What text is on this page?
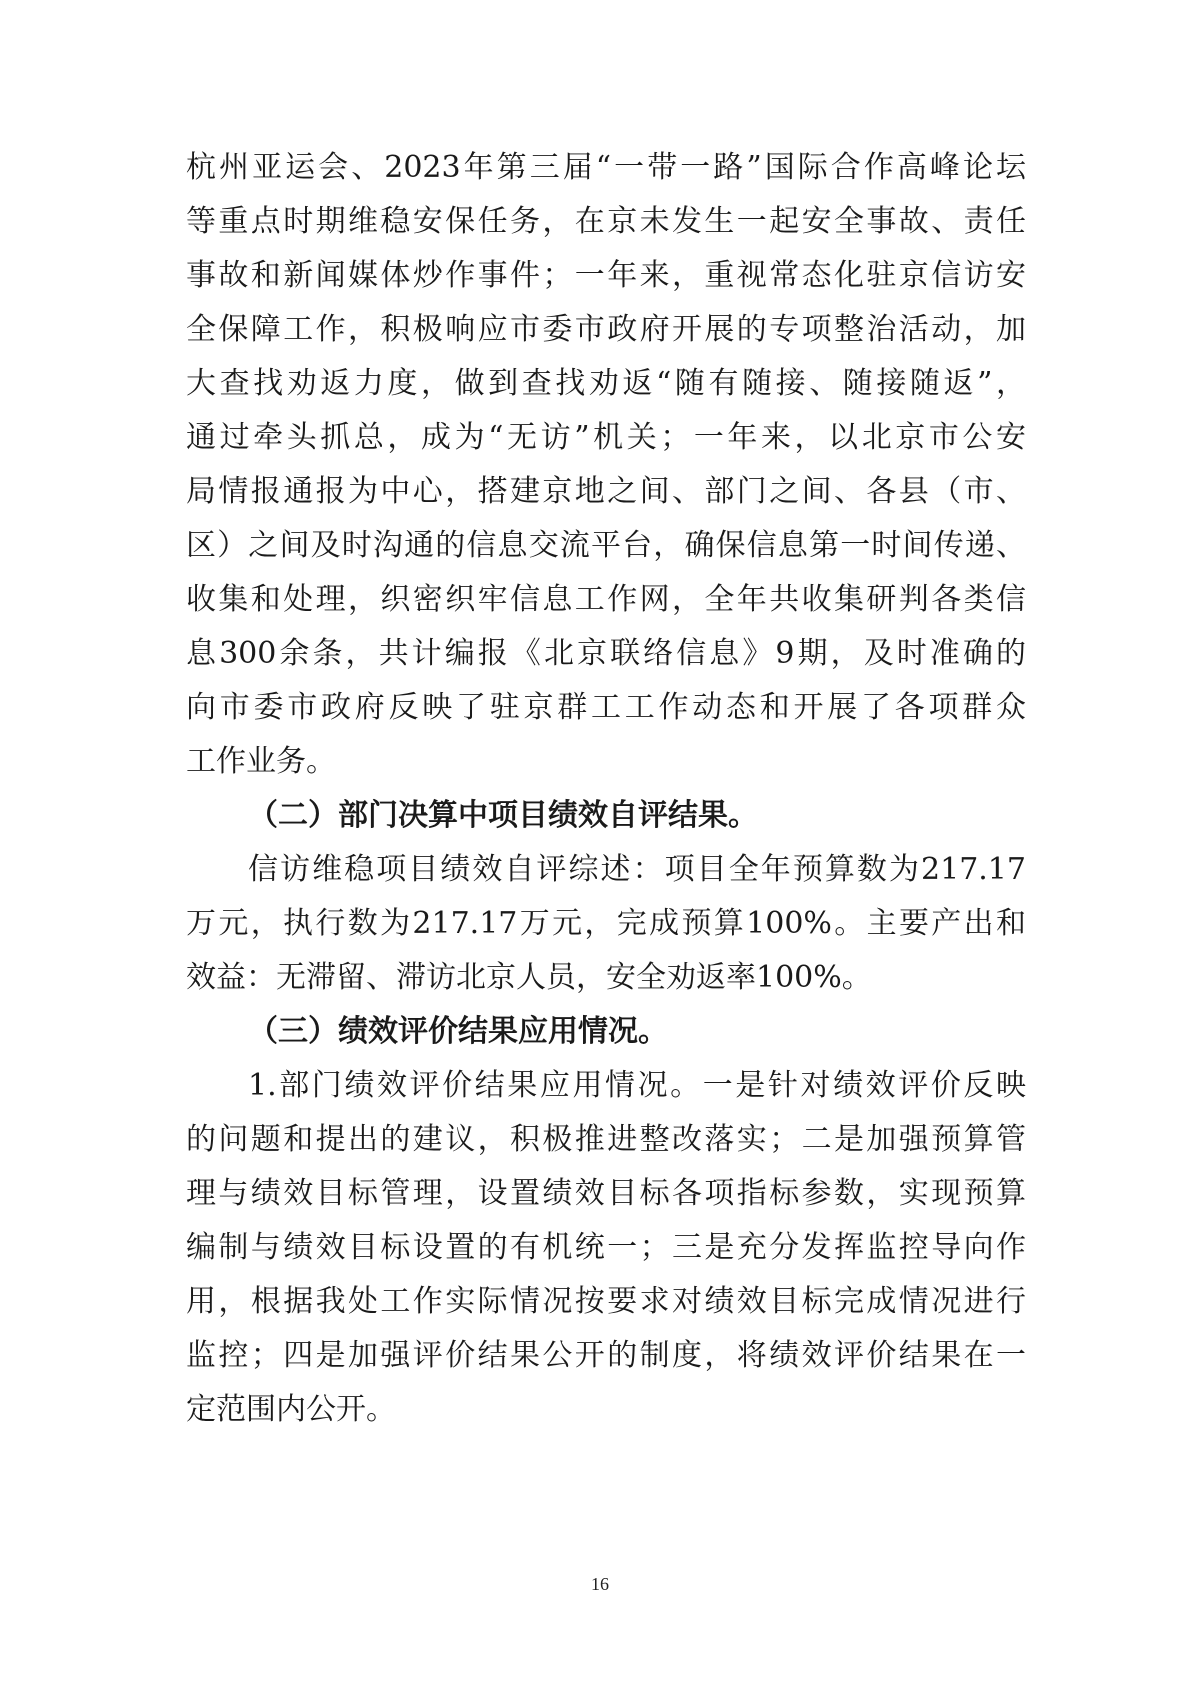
杭州亚运会、2023年第三届“一带一路”国际合作高峰论坛
等重点时期维稳安保任务，在京未发生一起安全事故、责任
事故和新闻媒体炒作事件；一年来，重视常态化驻京信访安
全保障工作，积极响应市委市政府开展的专项整治活动，加
大查找劝返力度，做到查找劝返“随有随接、随接随返”，
通过牵头抓总，成为“无访”机关；一年来，以北京市公安
局情报通报为中心，搭建京地之间、部门之间、各县（市、
区）之间及时沟通的信息交流平台，确保信息第一时间传递、
收集和处理，织密织牢信息工作网，全年共收集研判各类信
息300余条，共计编报《北京联络信息》9期，及时准确的
向市委市政府反映了驻京群工工作动态和开展了各项群众
工作业务。
（二）部门决算中项目绩效自评结果。
信访维稳项目绩效自评综述：项目全年预算数为217.17
万元，执行数为217.17万元，完成预算100%。主要产出和
效益：无滞留、滞访北京人员，安全劝返率100%。
（三）绩效评价结果应用情况。
1.部门绩效评价结果应用情况。一是针对绩效评价反映
的问题和提出的建议，积极推进整改落实；二是加强预算管
理与绩效目标管理，设置绩效目标各项指标参数，实现预算
编制与绩效目标设置的有机统一；三是充分发挥监控导向作
用，根据我处工作实际情况按要求对绩效目标完成情况进行
监控；四是加强评价结果公开的制度，将绩效评价结果在一
定范围内公开。
16
